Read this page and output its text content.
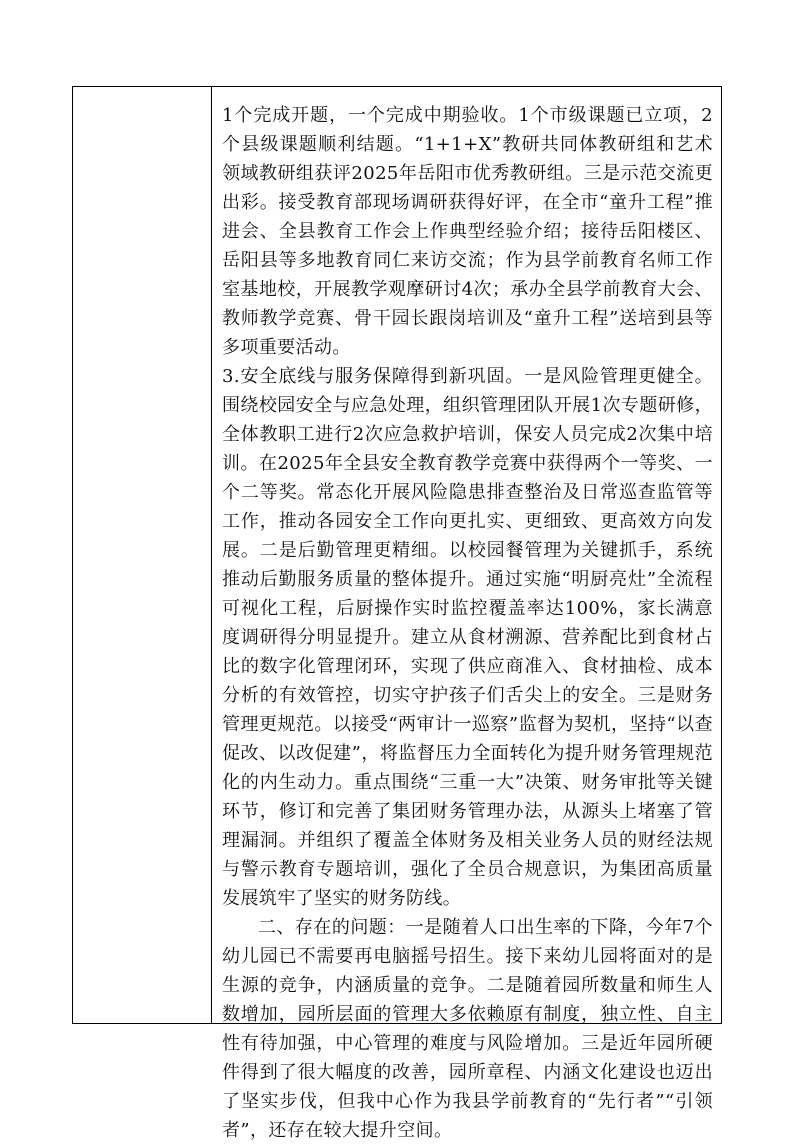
1个完成开题，一个完成中期验收。1个市级课题已立项，2个县级课题顺利结题。“1+1+X”教研共同体教研组和艺术领域教研组获评2025年岳阳市优秀教研组。三是示范交流更出彩。接受教育部现场调研获得好评，在全市“童升工程”推进会、全县教育工作会上作典型经验介绍；接待岳阳楼区、岳阳县等多地教育同仁来访交流；作为县学前教育名师工作室基地校，开展教学观摩研讨4次；承办全县学前教育大会、教师教学竞赛、骨干园长跟岗培训及“童升工程”送培到县等多项重要活动。

3.安全底线与服务保障得到新巩固。一是风险管理更健全。围绕校园安全与应急处理，组织管理团队开展1次专题研修，全体教职工进行2次应急救护培训，保安人员完成2次集中培训。在2025年全县安全教育教学竞赛中获得两个一等奖、一个二等奖。常态化开展风险隐患排查整治及日常巡查监管等工作，推动各园安全工作向更扎实、更细致、更高效方向发展。二是后勤管理更精细。以校园餐管理为关键抓手，系统推动后勤服务质量的整体提升。通过实施“明厨亮灶”全流程可视化工程，后厨操作实时监控覆盖率达100%，家长满意度调研得分明显提升。建立从食材溯源、营养配比到食材占比的数字化管理闭环，实现了供应商准入、食材抽检、成本分析的有效管控，切实守护孩子们舌尖上的安全。三是财务管理更规范。以接受“两审计一巡察”监督为契机，坚持“以查促改、以改促建”，将监督压力全面转化为提升财务管理规范化的内生动力。重点围绕“三重一大”决策、财务审批等关键环节，修订和完善了集团财务管理办法，从源头上堵塞了管理漏洞。并组织了覆盖全体财务及相关业务人员的财经法规与警示教育专题培训，强化了全员合规意识，为集团高质量发展筑牢了坚实的财务防线。

二、存在的问题：一是随着人口出生率的下降，今年7个幼儿园已不需要再电脑摇号招生。接下来幼儿园将面对的是生源的竞争，内涵质量的竞争。二是随着园所数量和师生人数增加，园所层面的管理大多依赖原有制度，独立性、自主性有待加强，中心管理的难度与风险增加。三是近年园所硬件得到了很大幅度的改善，园所章程、内涵文化建设也迈出了坚实步伐，但我中心作为我县学前教育的“先行者”“引领者”，还存在较大提升空间。
